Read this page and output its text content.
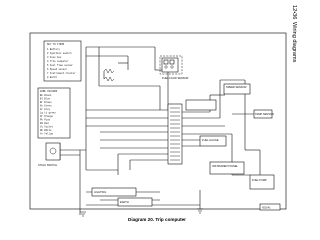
12•36
Wiring diagrams
KEY TO ITEMS
1 Battery
2 Ignition switch
3 Fuse box
4 Trip computer
5 Fuel flow sensor
6 Speed sensor
7 Instrument cluster
8 Earth
WIRE COLOURS
Bk Black
Bl Blue
Br Brown
Gn Green
Gr Grey
Lg Lt green
Or Orange
Pk Pink
Rd Red
Vi Violet
Wh White
Ye Yellow
FUEL FLOW SENSOR
SPEED SENSOR
TEMP SENSOR
FUEL GAUGE
INSTRUMENT PANEL
FUEL PUMP
STALK SWITCH
LIGHTING
EARTH
H32641
Diagram 20. Trip computer
